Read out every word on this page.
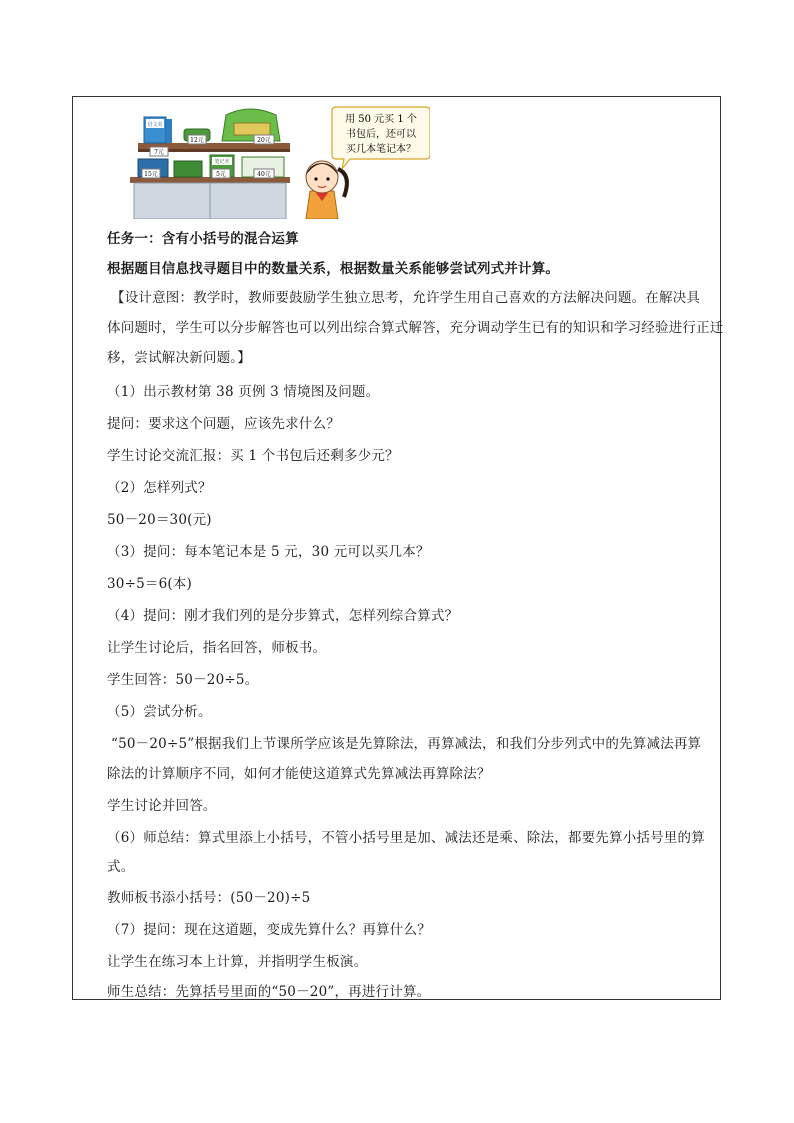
语文英
7元
12元	20元
笔记本
15元	5元	40元
用 50 元买 1 个
书包后，还可以
买几本笔记本？
任务一：含有小括号的混合运算
根据题目信息找寻题目中的数量关系，根据数量关系能够尝试列式并计算。
【设计意图：教学时，教师要鼓励学生独立思考，允许学生用自己喜欢的方法解决问题。在解决具
体问题时，学生可以分步解答也可以列出综合算式解答，充分调动学生已有的知识和学习经验进行正迁
移，尝试解决新问题。】
（1）出示教材第 38 页例 3 情境图及问题。
提问：要求这个问题，应该先求什么？
学生讨论交流汇报：买 1 个书包后还剩多少元？
（2）怎样列式？
50－20＝30(元)
（3）提问：每本笔记本是 5 元，30 元可以买几本？
30÷5＝6(本)
（4）提问：刚才我们列的是分步算式，怎样列综合算式？
让学生讨论后，指名回答，师板书。
学生回答：50－20÷5。
（5）尝试分析。
“50－20÷5”根据我们上节课所学应该是先算除法，再算减法，和我们分步列式中的先算减法再算
除法的计算顺序不同，如何才能使这道算式先算减法再算除法？
学生讨论并回答。
（6）师总结：算式里添上小括号，不管小括号里是加、减法还是乘、除法，都要先算小括号里的算
式。
教师板书添小括号：(50－20)÷5
（7）提问：现在这道题，变成先算什么？再算什么？
让学生在练习本上计算，并指明学生板演。
师生总结：先算括号里面的“50－20”，再进行计算。
